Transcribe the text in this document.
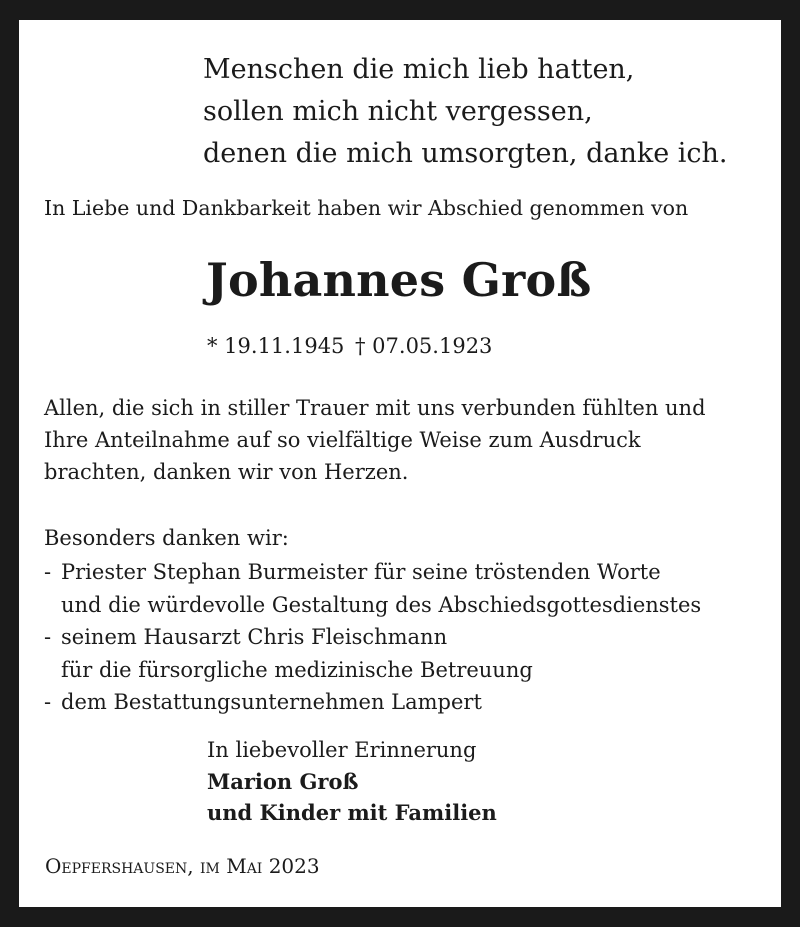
Menschen die mich lieb hatten,
sollen mich nicht vergessen,
denen die mich umsorgten, danke ich.
In Liebe und Dankbarkeit haben wir Abschied genommen von
Johannes Groß
* 19.11.1945 † 07.05.1923
Allen, die sich in stiller Trauer mit uns verbunden fühlten und
Ihre Anteilnahme auf so vielfältige Weise zum Ausdruck
brachten, danken wir von Herzen.
Besonders danken wir:
- Priester Stephan Burmeister für seine tröstenden Worte
und die würdevolle Gestaltung des Abschiedsgottesdienstes
- seinem Hausarzt Chris Fleischmann
für die fürsorgliche medizinische Betreuung
- dem Bestattungsunternehmen Lampert
In liebevoller Erinnerung
Marion Groß
und Kinder mit Familien
Oepfershausen, im Mai 2023
